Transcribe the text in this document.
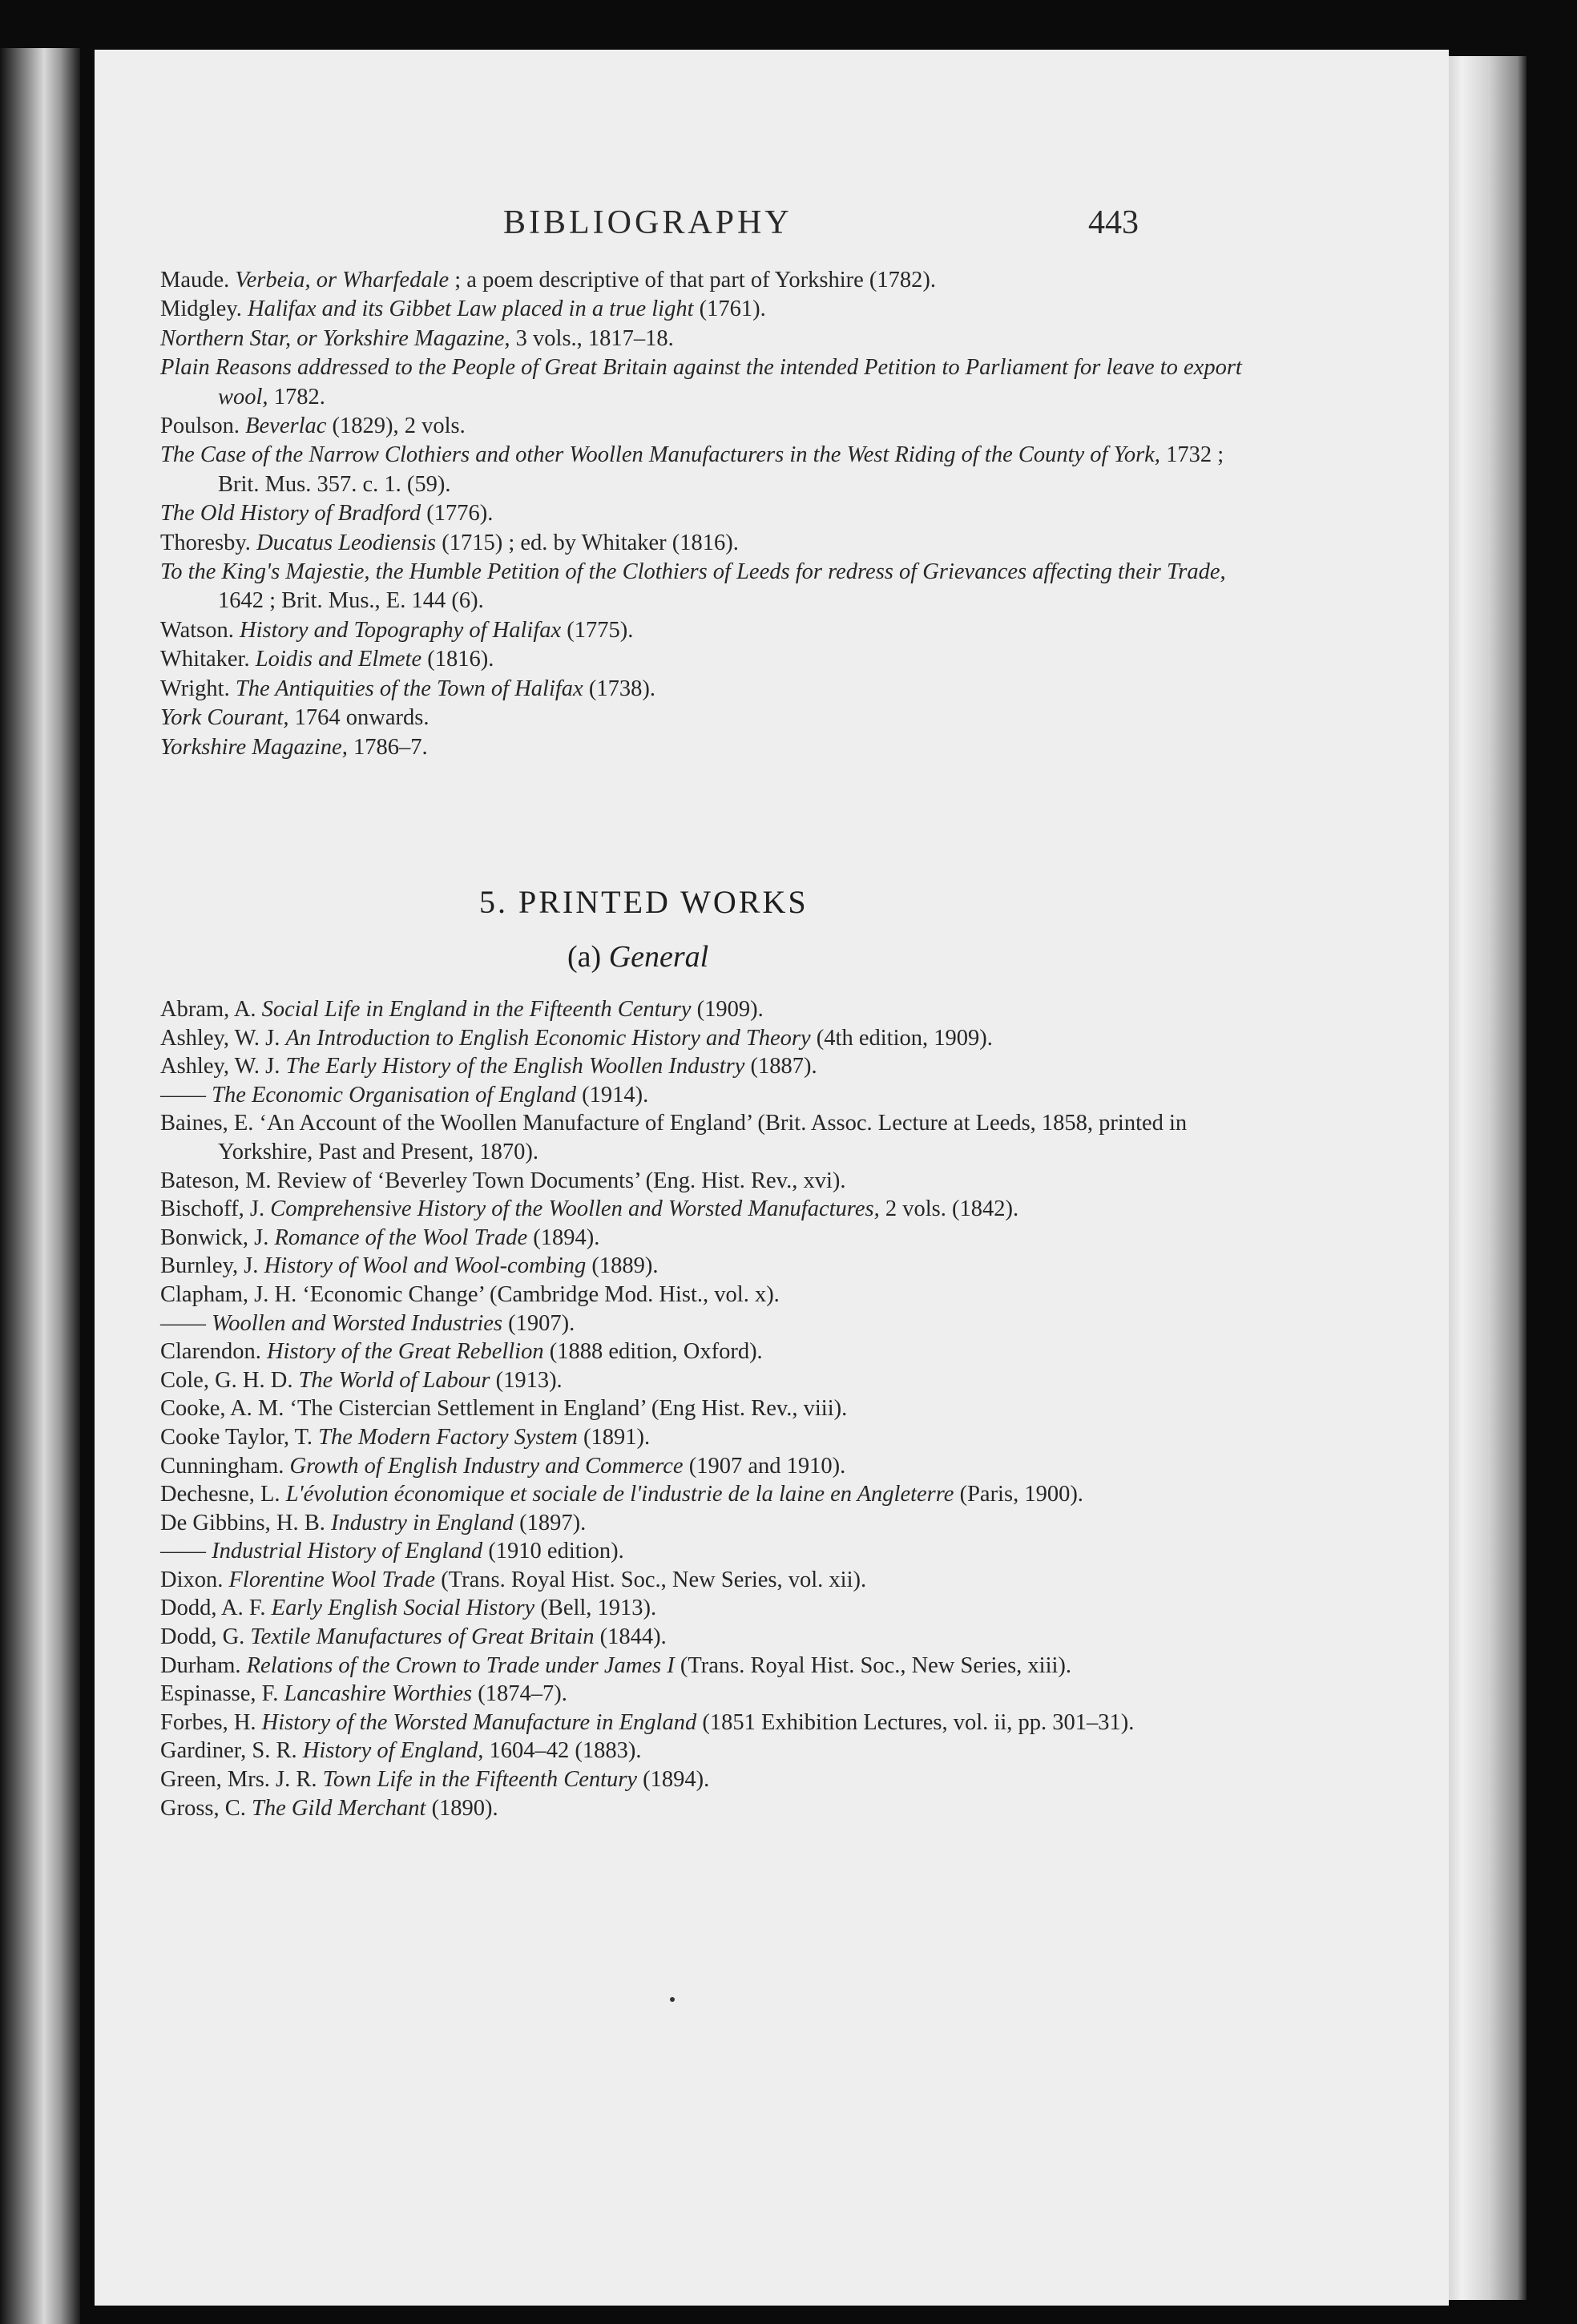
BIBLIOGRAPHY	443

Maude. Verbeia, or Wharfedale ; a poem descriptive of that part of Yorkshire (1782).

Midgley. Halifax and its Gibbet Law placed in a true light (1761).

Northern Star, or Yorkshire Magazine, 3 vols., 1817–18.

Plain Reasons addressed to the People of Great Britain against the intended Petition to Parliament for leave to export wool, 1782.

Poulson. Beverlac (1829), 2 vols.

The Case of the Narrow Clothiers and other Woollen Manufacturers in the West Riding of the County of York, 1732 ; Brit. Mus. 357. c. 1. (59).

The Old History of Bradford (1776).

Thoresby. Ducatus Leodiensis (1715) ; ed. by Whitaker (1816).

To the King's Majestie, the Humble Petition of the Clothiers of Leeds for redress of Grievances affecting their Trade, 1642 ; Brit. Mus., E. 144 (6).

Watson. History and Topography of Halifax (1775).

Whitaker. Loidis and Elmete (1816).

Wright. The Antiquities of the Town of Halifax (1738).

York Courant, 1764 onwards.

Yorkshire Magazine, 1786–7.

5. PRINTED WORKS
(a) General

Abram, A. Social Life in England in the Fifteenth Century (1909).

Ashley, W. J. An Introduction to English Economic History and Theory (4th edition, 1909).

Ashley, W. J. The Early History of the English Woollen Industry (1887).

—— The Economic Organisation of England (1914).

Baines, E. ‘An Account of the Woollen Manufacture of England’ (Brit. Assoc. Lecture at Leeds, 1858, printed in Yorkshire, Past and Present, 1870).

Bateson, M. Review of ‘Beverley Town Documents’ (Eng. Hist. Rev., xvi).

Bischoff, J. Comprehensive History of the Woollen and Worsted Manufactures, 2 vols. (1842).

Bonwick, J. Romance of the Wool Trade (1894).

Burnley, J. History of Wool and Wool-combing (1889).

Clapham, J. H. ‘Economic Change’ (Cambridge Mod. Hist., vol. x).

—— Woollen and Worsted Industries (1907).

Clarendon. History of the Great Rebellion (1888 edition, Oxford).

Cole, G. H. D. The World of Labour (1913).

Cooke, A. M. ‘The Cistercian Settlement in England’ (Eng Hist. Rev., viii).

Cooke Taylor, T. The Modern Factory System (1891).

Cunningham. Growth of English Industry and Commerce (1907 and 1910).

Dechesne, L. L'évolution économique et sociale de l'industrie de la laine en Angleterre (Paris, 1900).

De Gibbins, H. B. Industry in England (1897).

—— Industrial History of England (1910 edition).

Dixon. Florentine Wool Trade (Trans. Royal Hist. Soc., New Series, vol. xii).

Dodd, A. F. Early English Social History (Bell, 1913).

Dodd, G. Textile Manufactures of Great Britain (1844).

Durham. Relations of the Crown to Trade under James I (Trans. Royal Hist. Soc., New Series, xiii).

Espinasse, F. Lancashire Worthies (1874–7).

Forbes, H. History of the Worsted Manufacture in England (1851 Exhibition Lectures, vol. ii, pp. 301–31).

Gardiner, S. R. History of England, 1604–42 (1883).

Green, Mrs. J. R. Town Life in the Fifteenth Century (1894).

Gross, C. The Gild Merchant (1890).
